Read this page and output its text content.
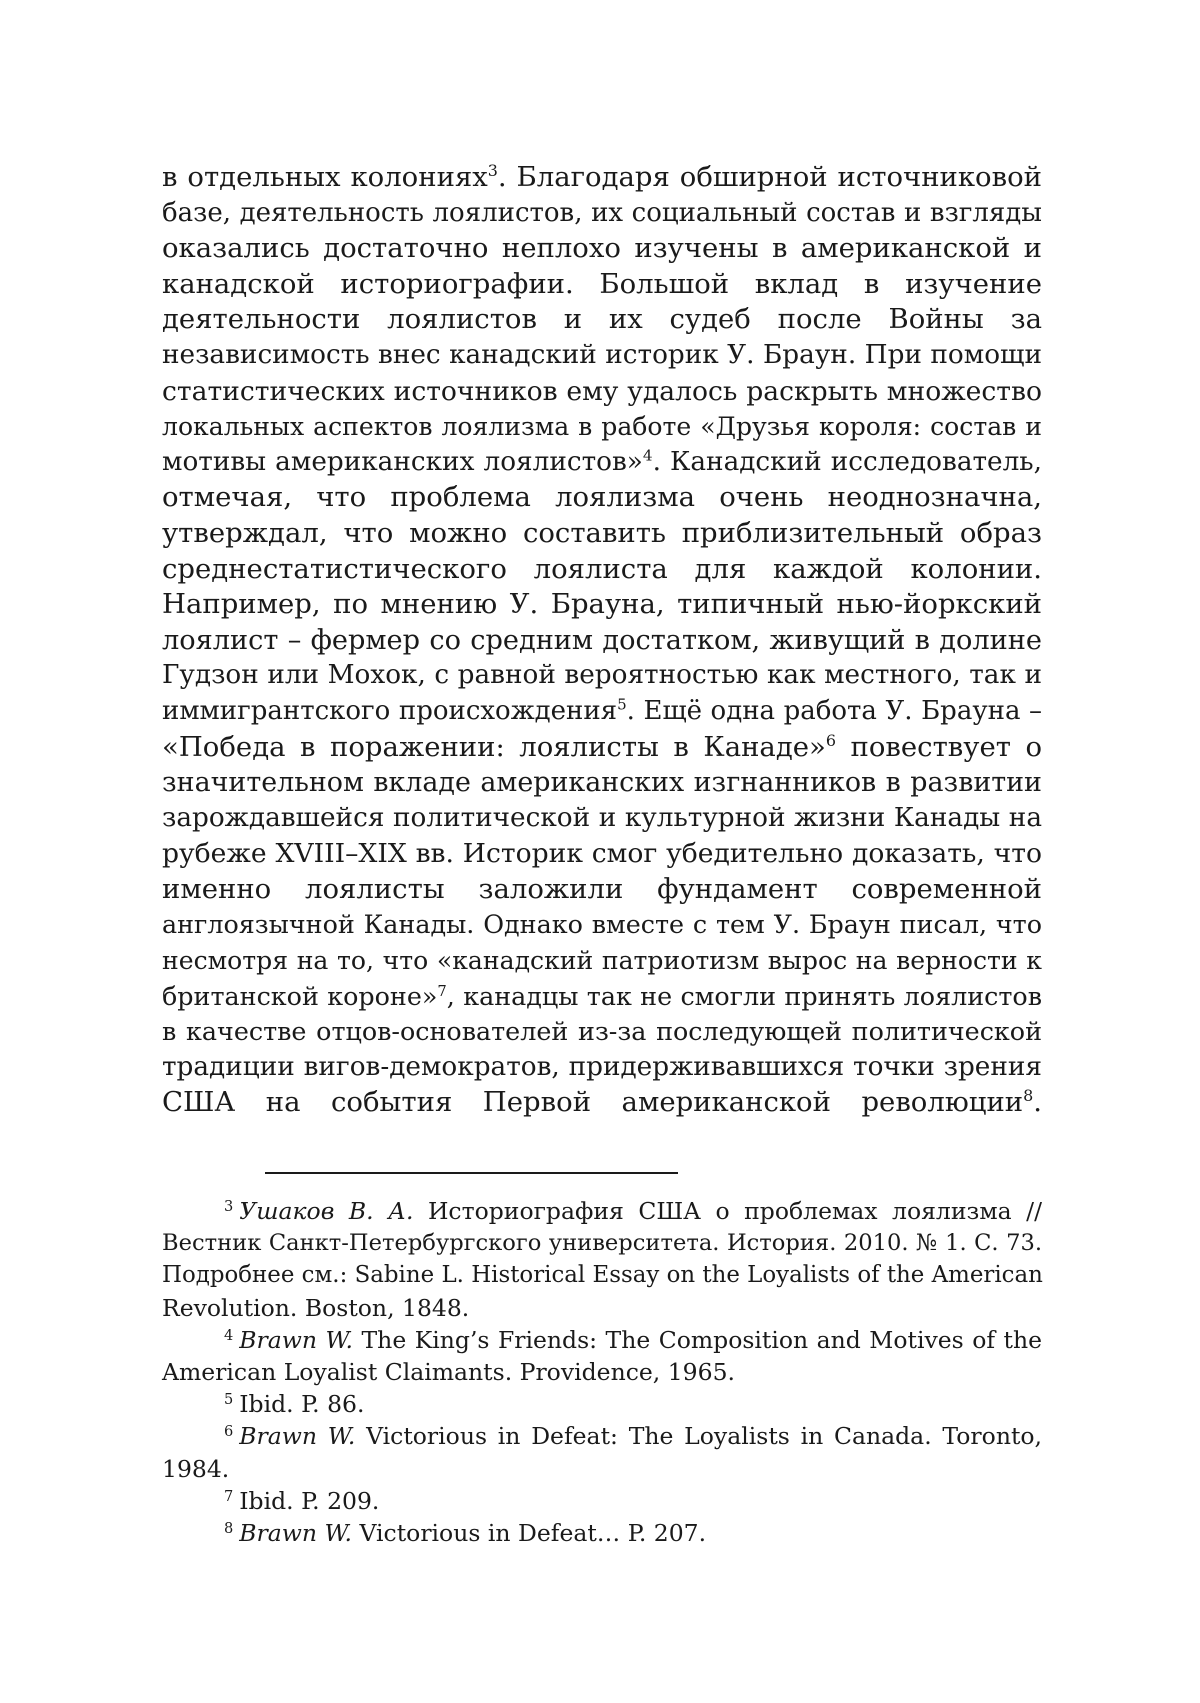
в отдельных колониях$^3$. Благодаря обширной источниковой
базе, деятельность лоялистов, их социальный состав и взгляды
оказались достаточно неплохо изучены в американской и
канадской историографии. Большой вклад в изучение
деятельности лоялистов и их судеб после Войны за
независимость внес канадский историк У. Браун. При помощи
статистических источников ему удалось раскрыть множество
локальных аспектов лоялизма в работе «Друзья короля: состав и
мотивы американских лоялистов»$^4$. Канадский исследователь,
отмечая, что проблема лоялизма очень неоднозначна,
утверждал, что можно составить приблизительный образ
среднестатистического лоялиста для каждой колонии.
Например, по мнению У. Брауна, типичный нью-йоркский
лоялист – фермер со средним достатком, живущий в долине
Гудзон или Мохок, с равной вероятностью как местного, так и
иммигрантского происхождения$^5$. Ещё одна работа У. Брауна –
«Победа в поражении: лоялисты в Канаде»$^6$ повествует о
значительном вкладе американских изгнанников в развитии
зарождавшейся политической и культурной жизни Канады на
рубеже XVIII–XIX вв. Историк смог убедительно доказать, что
именно лоялисты заложили фундамент современной
англоязычной Канады. Однако вместе с тем У. Браун писал, что
несмотря на то, что «канадский патриотизм вырос на верности к
британской короне»$^7$, канадцы так не смогли принять лоялистов
в качестве отцов-основателей из-за последующей политической
традиции вигов-демократов, придерживавшихся точки зрения
США на события Первой американской революции$^8$.
$^3$ Ушаков В. А. Историография США о проблемах лоялизма //
Вестник Санкт-Петербургского университета. История. 2010. № 1. С. 73.
Подробнее см.: Sabine L. Historical Essay on the Loyalists of the American
Revolution. Boston, 1848.
$^4$ Brawn W. The King’s Friends: The Composition and Motives of the
American Loyalist Claimants. Providence, 1965.
$^5$ Ibid. P. 86.
$^6$ Brawn W. Victorious in Defeat: The Loyalists in Canada. Toronto,
1984.
$^7$ Ibid. P. 209.
$^8$ Brawn W. Victorious in Defeat… P. 207.
